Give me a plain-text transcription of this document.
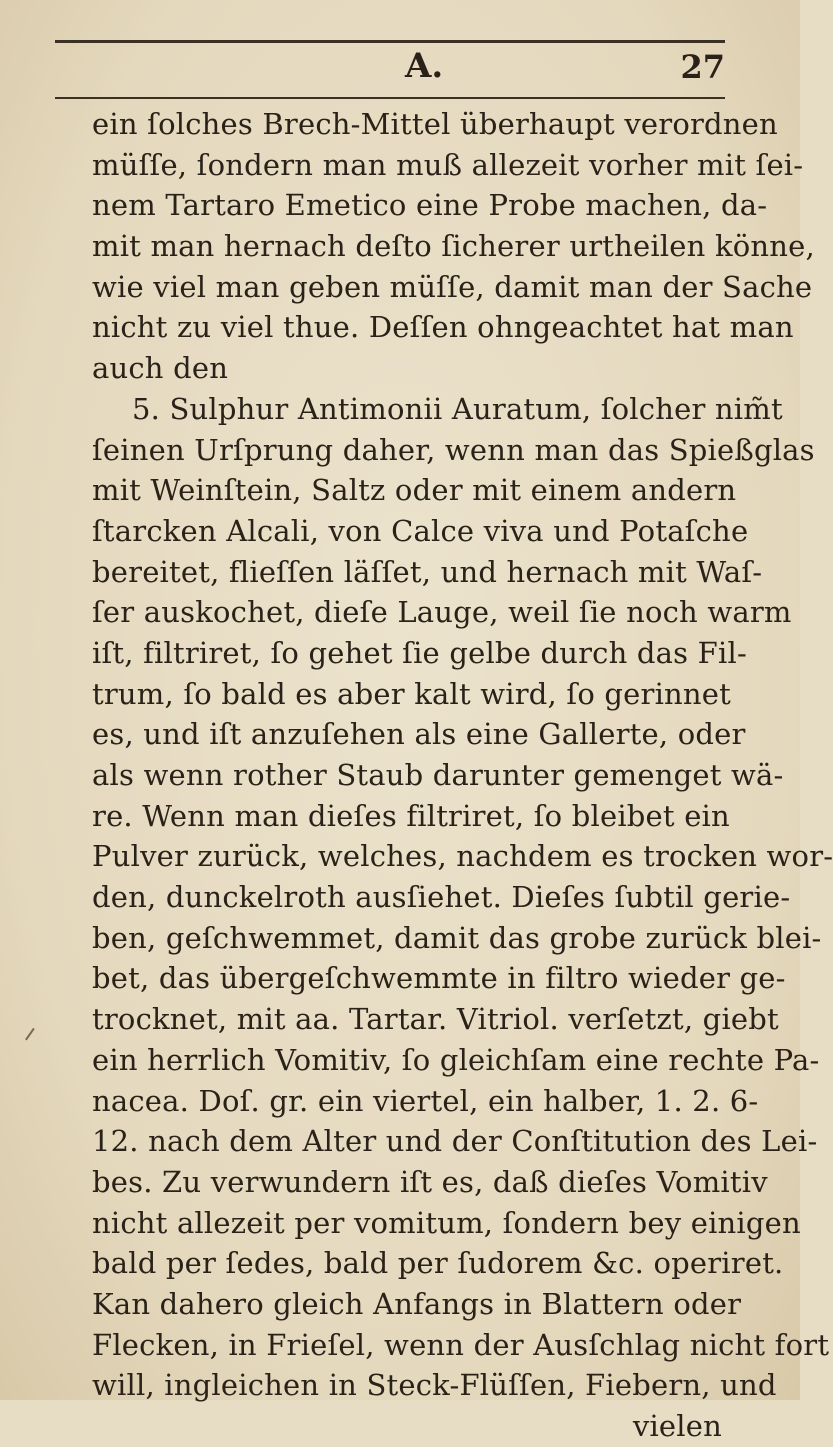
A.	27
ein ſolches Brech-Mittel überhaupt verordnen
müſſe, ſondern man muß allezeit vorher mit ſei-
nem Tartaro Emetico eine Probe machen, da-
mit man hernach deſto ſicherer urtheilen könne,
wie viel man geben müſſe, damit man der Sache
nicht zu viel thue. Deſſen ohngeachtet hat man
auch den
5. Sulphur Antimonii Auratum, ſolcher nim̃t
ſeinen Urſprung daher, wenn man das Spießglas
mit Weinſtein, Saltz oder mit einem andern
ſtarcken Alcali, von Calce viva und Potaſche
bereitet, flieſſen läſſet, und hernach mit Waſ-
ſer auskochet, dieſe Lauge, weil ſie noch warm
iſt, filtriret, ſo gehet ſie gelbe durch das Fil-
trum, ſo bald es aber kalt wird, ſo gerinnet
es, und iſt anzuſehen als eine Gallerte, oder
als wenn rother Staub darunter gemenget wä-
re. Wenn man dieſes filtriret, ſo bleibet ein
Pulver zurück, welches, nachdem es trocken wor-
den, dunckelroth ausſiehet. Dieſes ſubtil gerie-
ben, geſchwemmet, damit das grobe zurück blei-
bet, das übergeſchwemmte in filtro wieder ge-
trocknet, mit aa. Tartar. Vitriol. verſetzt, giebt
ein herrlich Vomitiv, ſo gleichſam eine rechte Pa-
nacea. Doſ. gr. ein viertel, ein halber, 1. 2. 6-
12. nach dem Alter und der Conſtitution des Lei-
bes. Zu verwundern iſt es, daß dieſes Vomitiv
nicht allezeit per vomitum, ſondern bey einigen
bald per ſedes, bald per ſudorem &c. operiret.
Kan dahero gleich Anfangs in Blattern oder
Flecken, in Frieſel, wenn der Ausſchlag nicht fort
will, ingleichen in Steck-Flüſſen, Fiebern, und
vielen
